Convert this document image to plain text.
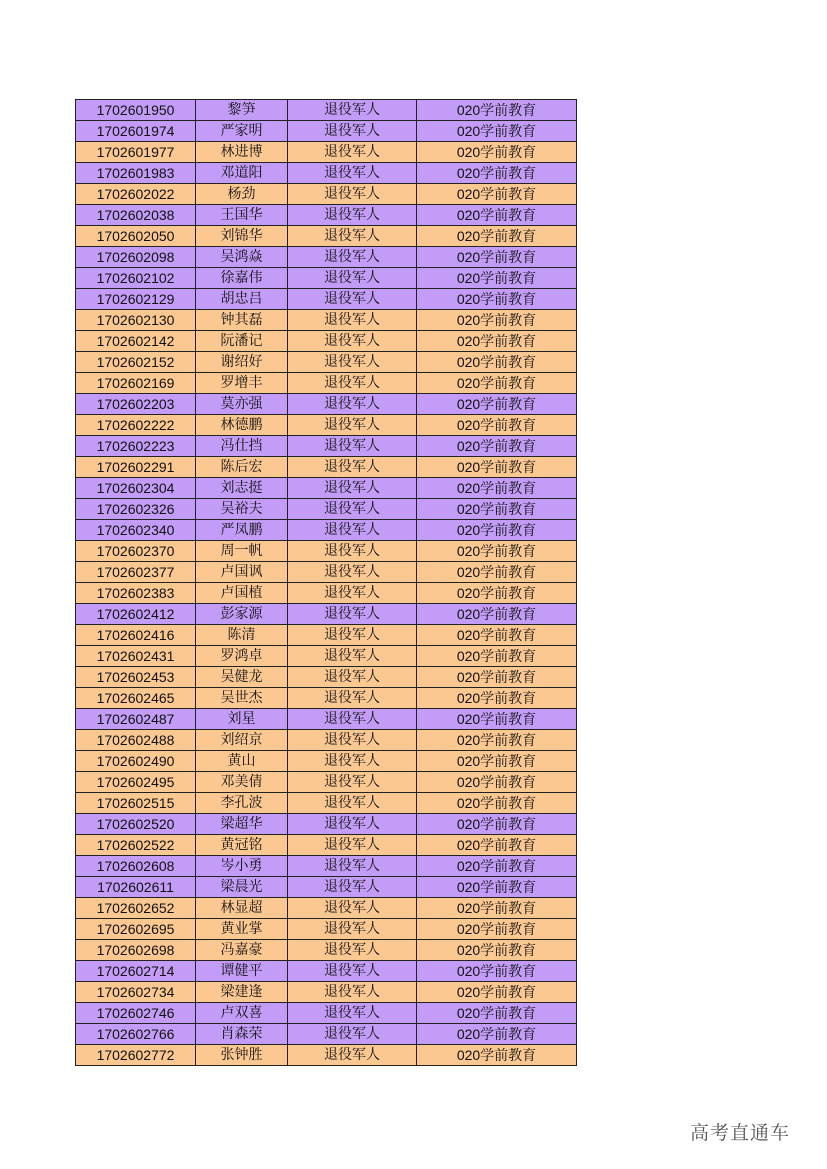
1702601950	黎笋	退役军人	020学前教育
1702601974	严家明	退役军人	020学前教育
1702601977	林进博	退役军人	020学前教育
1702601983	邓道阳	退役军人	020学前教育
1702602022	杨劲	退役军人	020学前教育
1702602038	王国华	退役军人	020学前教育
1702602050	刘锦华	退役军人	020学前教育
1702602098	吴鸿焱	退役军人	020学前教育
1702602102	徐嘉伟	退役军人	020学前教育
1702602129	胡忠吕	退役军人	020学前教育
1702602130	钟其磊	退役军人	020学前教育
1702602142	阮潘记	退役军人	020学前教育
1702602152	谢绍好	退役军人	020学前教育
1702602169	罗增丰	退役军人	020学前教育
1702602203	莫亦强	退役军人	020学前教育
1702602222	林德鹏	退役军人	020学前教育
1702602223	冯仕挡	退役军人	020学前教育
1702602291	陈后宏	退役军人	020学前教育
1702602304	刘志挺	退役军人	020学前教育
1702602326	吴裕夫	退役军人	020学前教育
1702602340	严凤鹏	退役军人	020学前教育
1702602370	周一帆	退役军人	020学前教育
1702602377	卢国讽	退役军人	020学前教育
1702602383	卢国植	退役军人	020学前教育
1702602412	彭家源	退役军人	020学前教育
1702602416	陈清	退役军人	020学前教育
1702602431	罗鸿卓	退役军人	020学前教育
1702602453	吴健龙	退役军人	020学前教育
1702602465	吴世杰	退役军人	020学前教育
1702602487	刘星	退役军人	020学前教育
1702602488	刘绍京	退役军人	020学前教育
1702602490	黄山	退役军人	020学前教育
1702602495	邓美倩	退役军人	020学前教育
1702602515	李孔波	退役军人	020学前教育
1702602520	梁超华	退役军人	020学前教育
1702602522	黄冠铭	退役军人	020学前教育
1702602608	岑小勇	退役军人	020学前教育
1702602611	梁晨光	退役军人	020学前教育
1702602652	林显超	退役军人	020学前教育
1702602695	黄业掌	退役军人	020学前教育
1702602698	冯嘉豪	退役军人	020学前教育
1702602714	谭健平	退役军人	020学前教育
1702602734	梁建逢	退役军人	020学前教育
1702602746	卢双喜	退役军人	020学前教育
1702602766	肖森荣	退役军人	020学前教育
1702602772	张钟胜	退役军人	020学前教育
高考直通车
